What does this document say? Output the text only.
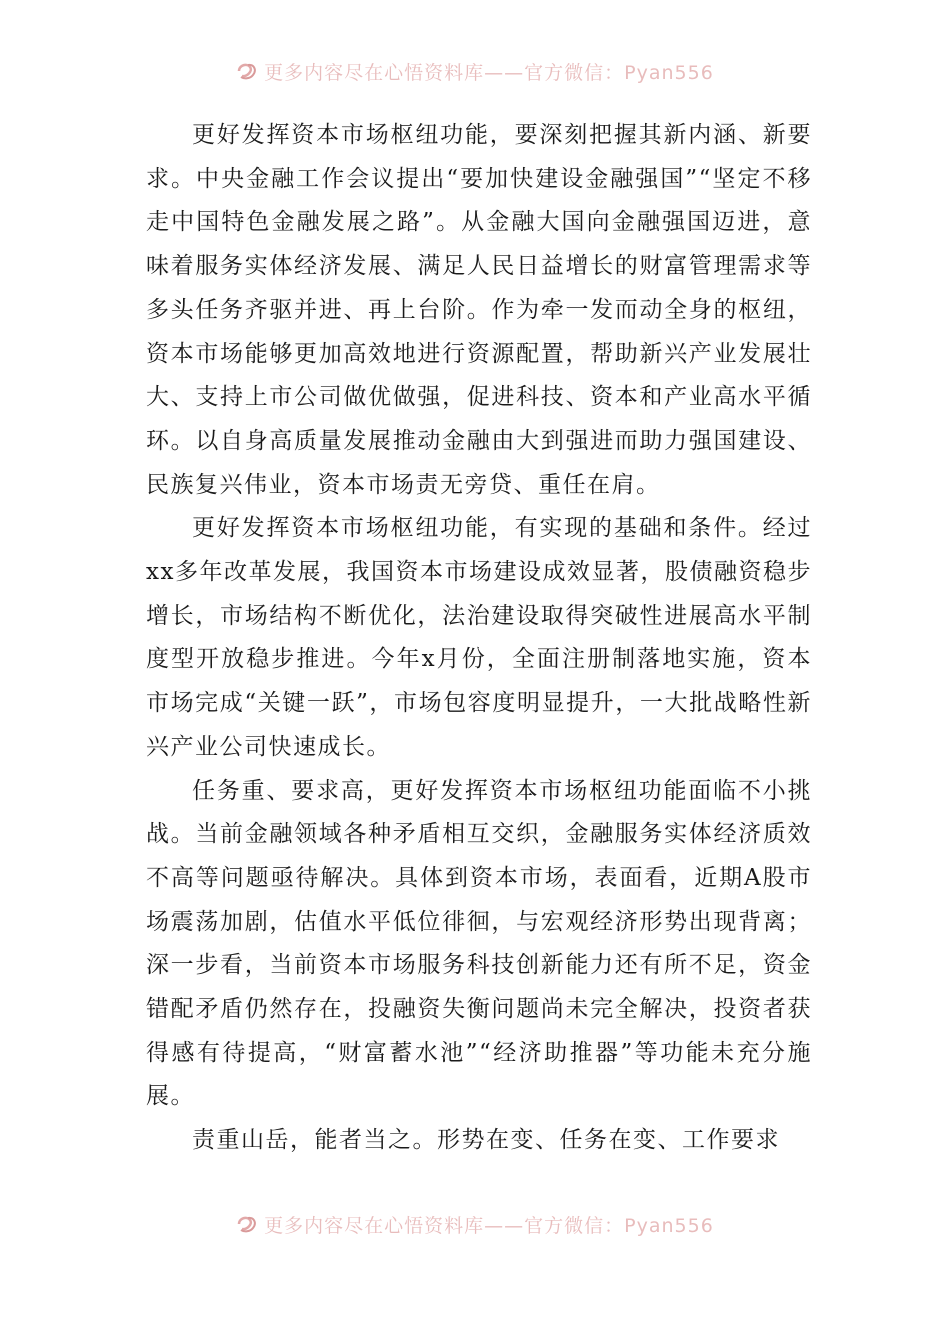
更多内容尽在心悟资料库——官方微信：Pyan556

更好发挥资本市场枢纽功能，要深刻把握其新内涵、新要求。中央金融工作会议提出“要加快建设金融强国”“坚定不移走中国特色金融发展之路”。从金融大国向金融强国迈进，意味着服务实体经济发展、满足人民日益增长的财富管理需求等多头任务齐驱并进、再上台阶。作为牵一发而动全身的枢纽，资本市场能够更加高效地进行资源配置，帮助新兴产业发展壮大、支持上市公司做优做强，促进科技、资本和产业高水平循环。以自身高质量发展推动金融由大到强进而助力强国建设、民族复兴伟业，资本市场责无旁贷、重任在肩。

更好发挥资本市场枢纽功能，有实现的基础和条件。经过xx多年改革发展，我国资本市场建设成效显著，股债融资稳步增长，市场结构不断优化，法治建设取得突破性进展高水平制度型开放稳步推进。今年x月份，全面注册制落地实施，资本市场完成“关键一跃”，市场包容度明显提升，一大批战略性新兴产业公司快速成长。

任务重、要求高，更好发挥资本市场枢纽功能面临不小挑战。当前金融领域各种矛盾相互交织，金融服务实体经济质效不高等问题亟待解决。具体到资本市场，表面看，近期A股市场震荡加剧，估值水平低位徘徊，与宏观经济形势出现背离；深一步看，当前资本市场服务科技创新能力还有所不足，资金错配矛盾仍然存在，投融资失衡问题尚未完全解决，投资者获得感有待提高，“财富蓄水池”“经济助推器”等功能未充分施展。

责重山岳，能者当之。形势在变、任务在变、工作要求

更多内容尽在心悟资料库——官方微信：Pyan556
